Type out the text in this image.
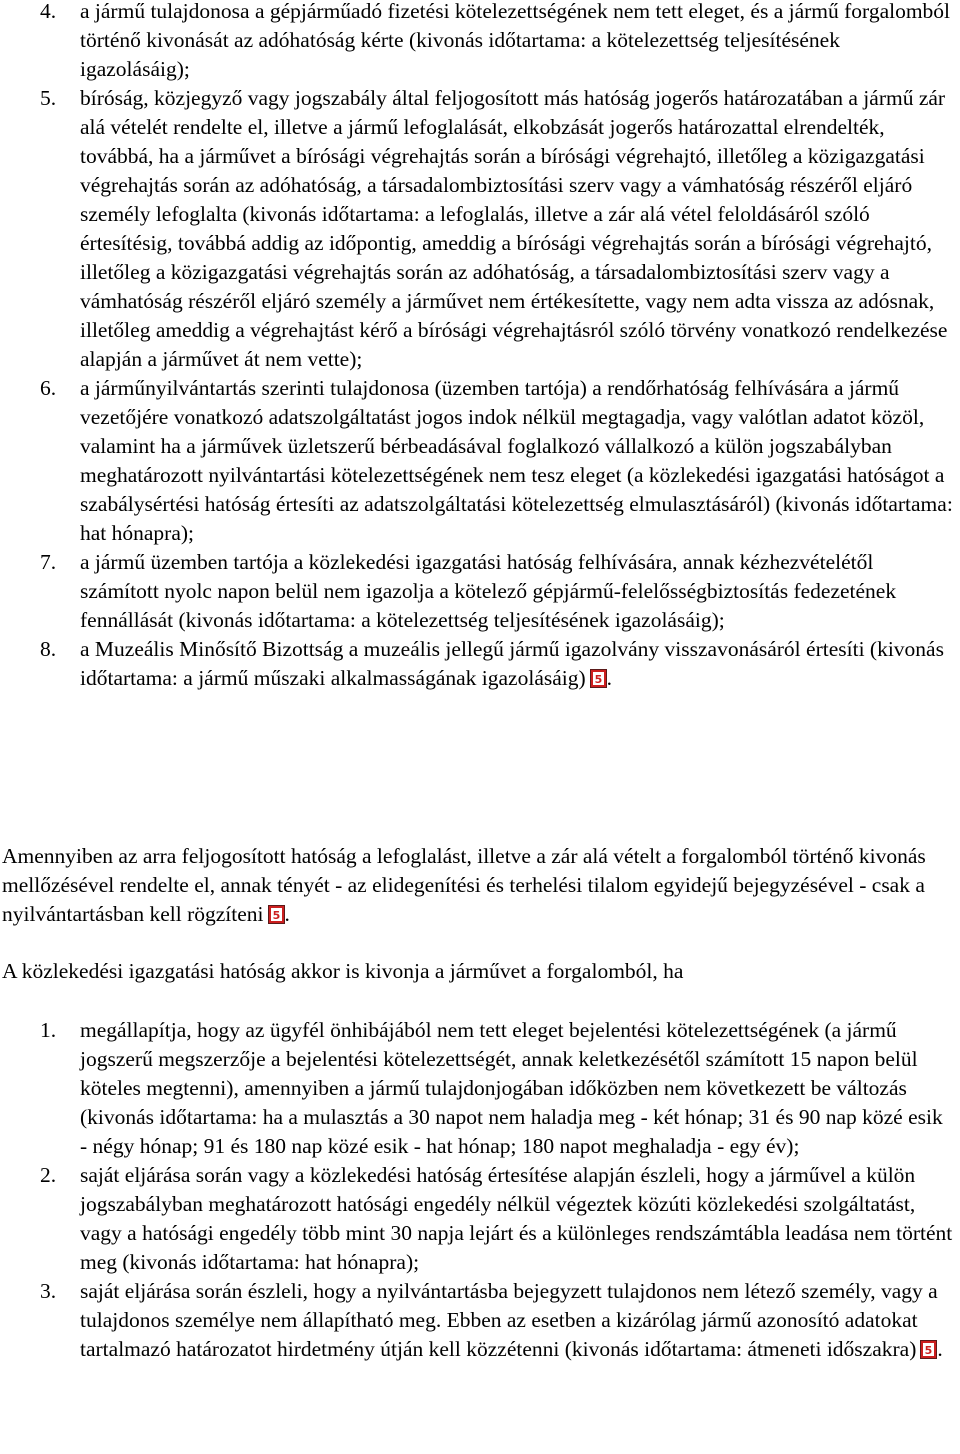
4. a jármű tulajdonosa a gépjárműadó fizetési kötelezettségének nem tett eleget, és a jármű forgalomból történő kivonását az adóhatóság kérte (kivonás időtartama: a kötelezettség teljesítésének igazolásáig);
5. bíróság, közjegyző vagy jogszabály által feljogosított más hatóság jogerős határozatában a jármű zár alá vételét rendelte el, illetve a jármű lefoglalását, elkobzását jogerős határozattal elrendelték, továbbá, ha a járművet a bírósági végrehajtás során a bírósági végrehajtó, illetőleg a közigazgatási végrehajtás során az adóhatóság, a társadalombiztosítási szerv vagy a vámhatóság részéről eljáró személy lefoglalta (kivonás időtartama: a lefoglalás, illetve a zár alá vétel feloldásáról szóló értesítésig, továbbá addig az időpontig, ameddig a bírósági végrehajtás során a bírósági végrehajtó, illetőleg a közigazgatási végrehajtás során az adóhatóság, a társadalombiztosítási szerv vagy a vámhatóság részéről eljáró személy a járművet nem értékesítette, vagy nem adta vissza az adósnak, illetőleg ameddig a végrehajtást kérő a bírósági végrehajtásról szóló törvény vonatkozó rendelkezése alapján a járművet át nem vette);
6. a járműnyilvántartás szerinti tulajdonosa (üzemben tartója) a rendőrhatóság felhívására a jármű vezetőjére vonatkozó adatszolgáltatást jogos indok nélkül megtagadja, vagy valótlan adatot közöl, valamint ha a járművek üzletszerű bérbeadásával foglalkozó vállalkozó a külön jogszabályban meghatározott nyilvántartási kötelezettségének nem tesz eleget (a közlekedési igazgatási hatóságot a szabálysértési hatóság értesíti az adatszolgáltatási kötelezettség elmulasztásáról) (kivonás időtartama: hat hónapra);
7. a jármű üzemben tartója a közlekedési igazgatási hatóság felhívására, annak kézhezvételétől számított nyolc napon belül nem igazolja a kötelező gépjármű-felelősségbiztosítás fedezetének fennállását (kivonás időtartama: a kötelezettség teljesítésének igazolásáig);
8. a Muzeális Minősítő Bizottság a muzeális jellegű jármű igazolvány visszavonásáról értesíti (kivonás időtartama: a jármű műszaki alkalmasságának igazolásáig) 5 .

Amennyiben az arra feljogosított hatóság a lefoglalást, illetve a zár alá vételt a forgalomból történő kivonás mellőzésével rendelte el, annak tényét - az elidegenítési és terhelési tilalom egyidejű bejegyzésével - csak a nyilvántartásban kell rögzíteni 5 .

A közlekedési igazgatási hatóság akkor is kivonja a járművet a forgalomból, ha

1. megállapítja, hogy az ügyfél önhibájából nem tett eleget bejelentési kötelezettségének (a jármű jogszerű megszerzője a bejelentési kötelezettségét, annak keletkezésétől számított 15 napon belül köteles megtenni), amennyiben a jármű tulajdonjogában időközben nem következett be változás (kivonás időtartama: ha a mulasztás a 30 napot nem haladja meg - két hónap; 31 és 90 nap közé esik - négy hónap; 91 és 180 nap közé esik - hat hónap; 180 napot meghaladja - egy év);
2. saját eljárása során vagy a közlekedési hatóság értesítése alapján észleli, hogy a járművel a külön jogszabályban meghatározott hatósági engedély nélkül végeztek közúti közlekedési szolgáltatást, vagy a hatósági engedély több mint 30 napja lejárt és a különleges rendszámtábla leadása nem történt meg (kivonás időtartama: hat hónapra);
3. saját eljárása során észleli, hogy a nyilvántartásba bejegyzett tulajdonos nem létező személy, vagy a tulajdonos személye nem állapítható meg. Ebben az esetben a kizárólag jármű azonosító adatokat tartalmazó határozatot hirdetmény útján kell közzétenni (kivonás időtartama: átmeneti időszakra) 5 .
